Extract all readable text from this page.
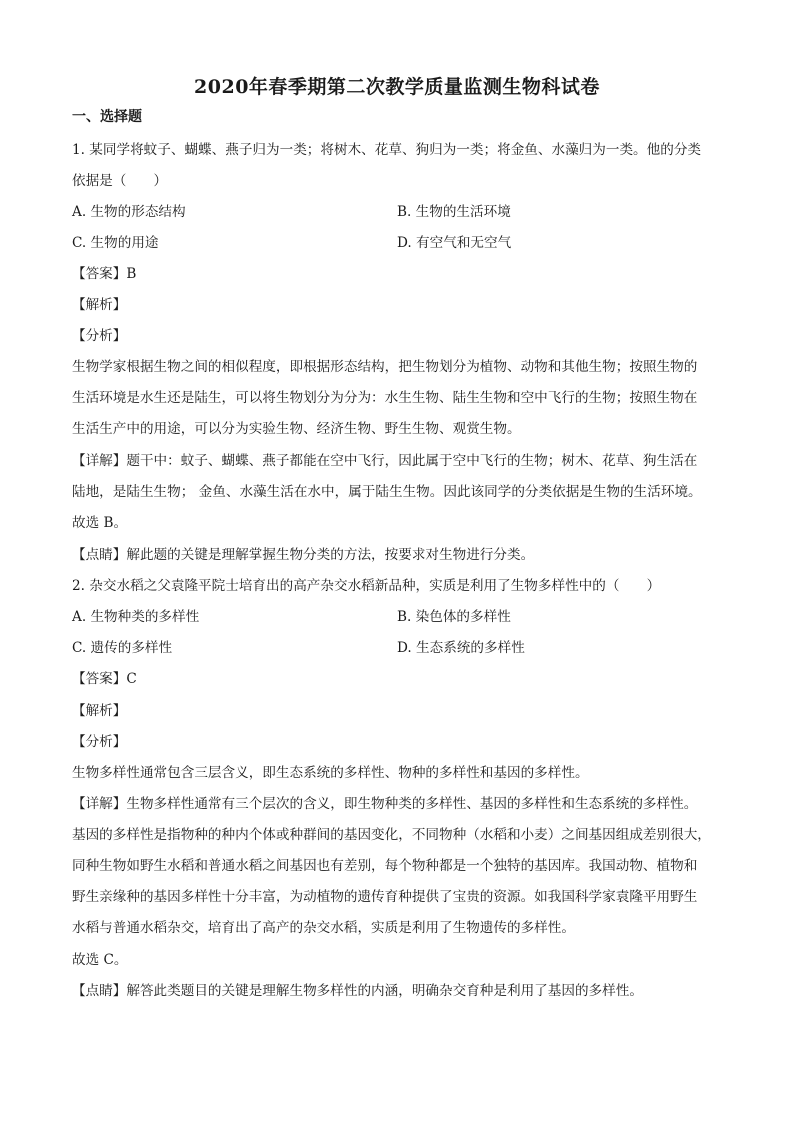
2020年春季期第二次教学质量监测生物科试卷
一、选择题
1. 某同学将蚊子、蝴蝶、燕子归为一类；将树木、花草、狗归为一类；将金鱼、水藻归为一类。他的分类
依据是（　　）
A. 生物的形态结构	B. 生物的生活环境
C. 生物的用途	D. 有空气和无空气
【答案】B
【解析】
【分析】
生物学家根据生物之间的相似程度，即根据形态结构，把生物划分为植物、动物和其他生物；按照生物的
生活环境是水生还是陆生，可以将生物划分为分为：水生生物、陆生生物和空中飞行的生物；按照生物在
生活生产中的用途，可以分为实验生物、经济生物、野生生物、观赏生物。
【详解】题干中：蚊子、蝴蝶、燕子都能在空中飞行，因此属于空中飞行的生物；树木、花草、狗生活在
陆地，是陆生生物； 金鱼、水藻生活在水中，属于陆生生物。因此该同学的分类依据是生物的生活环境。
故选 B。
【点睛】解此题的关键是理解掌握生物分类的方法，按要求对生物进行分类。
2. 杂交水稻之父袁隆平院士培育出的高产杂交水稻新品种，实质是利用了生物多样性中的（　　）
A. 生物种类的多样性	B. 染色体的多样性
C. 遗传的多样性	D. 生态系统的多样性
【答案】C
【解析】
【分析】
生物多样性通常包含三层含义，即生态系统的多样性、物种的多样性和基因的多样性。
【详解】生物多样性通常有三个层次的含义，即生物种类的多样性、基因的多样性和生态系统的多样性。
基因的多样性是指物种的种内个体或种群间的基因变化，不同物种（水稻和小麦）之间基因组成差别很大，
同种生物如野生水稻和普通水稻之间基因也有差别，每个物种都是一个独特的基因库。我国动物、植物和
野生亲缘种的基因多样性十分丰富，为动植物的遗传育种提供了宝贵的资源。如我国科学家袁隆平用野生
水稻与普通水稻杂交，培育出了高产的杂交水稻，实质是利用了生物遗传的多样性。
故选 C。
【点睛】解答此类题目的关键是理解生物多样性的内涵，明确杂交育种是利用了基因的多样性。
